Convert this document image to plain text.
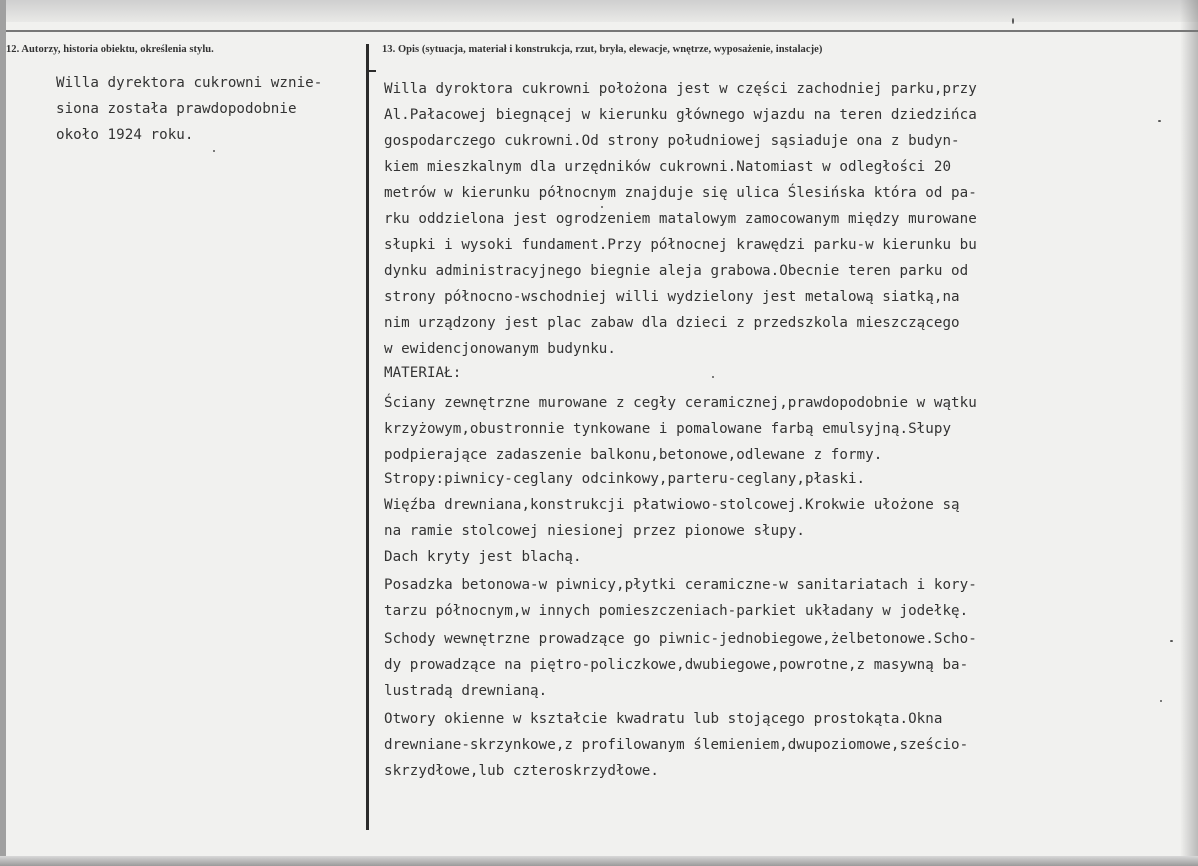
12. Autorzy, historia obiektu, określenia stylu.	13. Opis (sytuacja, materiał i konstrukcja, rzut, bryła, elewacje, wnętrze, wyposażenie, instalacje)
Willa dyrektora cukrowni wznie-
siona została prawdopodobnie
około 1924 roku.
Willa dyroktora cukrowni położona jest w części zachodniej parku,przy
Al.Pałacowej biegnącej w kierunku głównego wjazdu na teren dziedzińca
gospodarczego cukrowni.Od strony południowej sąsiaduje ona z budyn-
kiem mieszkalnym dla urzędników cukrowni.Natomiast w odległości 20
metrów w kierunku północnym znajduje się ulica Ślesińska która od pa-
rku oddzielona jest ogrodzeniem matalowym zamocowanym między murowane
słupki i wysoki fundament.Przy północnej krawędzi parku-w kierunku bu
dynku administracyjnego biegnie aleja grabowa.Obecnie teren parku od
strony północno-wschodniej willi wydzielony jest metalową siatką,na
nim urządzony jest plac zabaw dla dzieci z przedszkola mieszczącego
w ewidencjonowanym budynku.
MATERIAŁ:
Ściany zewnętrzne murowane z cegły ceramicznej,prawdopodobnie w wątku
krzyżowym,obustronnie tynkowane i pomalowane farbą emulsyjną.Słupy
podpierające zadaszenie balkonu,betonowe,odlewane z formy.
Stropy:piwnicy-ceglany odcinkowy,parteru-ceglany,płaski.
Więźba drewniana,konstrukcji płatwiowo-stolcowej.Krokwie ułożone są
na ramie stolcowej niesionej przez pionowe słupy.
Dach kryty jest blachą.
Posadzka betonowa-w piwnicy,płytki ceramiczne-w sanitariatach i kory-
tarzu północnym,w innych pomieszczeniach-parkiet układany w jodełkę.
Schody wewnętrzne prowadzące go piwnic-jednobiegowe,żelbetonowe.Scho-
dy prowadzące na piętro-policzkowe,dwubiegowe,powrotne,z masywną ba-
lustradą drewnianą.
Otwory okienne w kształcie kwadratu lub stojącego prostokąta.Okna
drewniane-skrzynkowe,z profilowanym ślemieniem,dwupoziomowe,sześcio-
skrzydłowe,lub czteroskrzydłowe.
